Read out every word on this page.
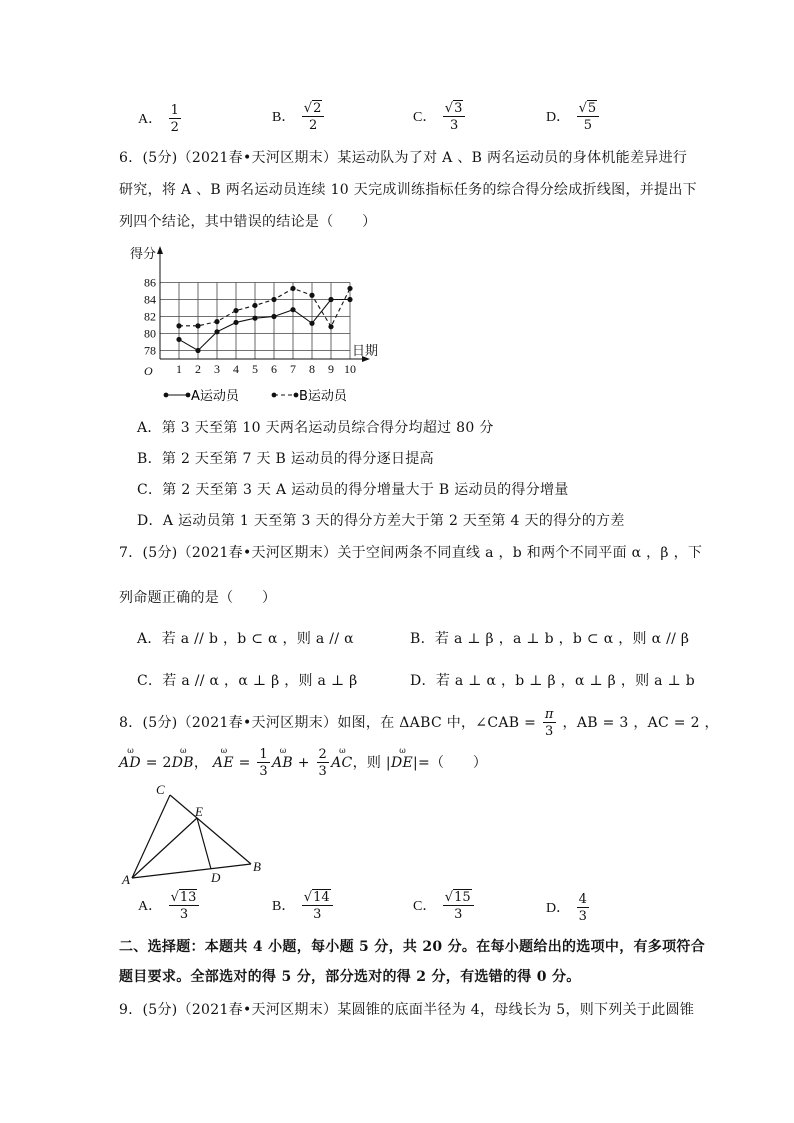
A． $\frac{1}{2}$	B． $\frac{√2}{2}$	C． $\frac{√3}{3}$	D． $\frac{√5}{5}$
6．(5分)（2021春•天河区期末）某运动队为了对 A 、B 两名运动员的身体机能差异进行
研究，将 A 、B 两名运动员连续 10 天完成训练指标任务的综合得分绘成折线图，并提出下
列四个结论，其中错误的结论是（　　）
78
80
82
84
86
1 2 3 4 5 6 7 8 9 10
得分
日期
O
A运动员	B运动员
A．第 3 天至第 10 天两名运动员综合得分均超过 80 分
B．第 2 天至第 7 天 B 运动员的得分逐日提高
C．第 2 天至第 3 天 A 运动员的得分增量大于 B 运动员的得分增量
D．A 运动员第 1 天至第 3 天的得分方差大于第 2 天至第 4 天的得分的方差
7．(5分)（2021春•天河区期末）关于空间两条不同直线 a ，b 和两个不同平面 α ，β ，下
列命题正确的是（　　）
A．若 a // b ，b ⊂ α ，则 a // α	B．若 a ⊥ β ，a ⊥ b ，b ⊂ α ，则 α // β
C．若 a // α ，α ⊥ β ，则 a ⊥ β	D．若 a ⊥ α ，b ⊥ β ，α ⊥ β ，则 a ⊥ b
8．(5分)（2021春•天河区期末）如图，在 ΔABC 中，∠CAB = $\frac{\pi}{3}$ ，AB = 3 ，AC = 2 ，
ω AD = 2ω DB， ω AE = $\frac{1}{3}$ ω AB + $\frac{2}{3}$ ω AC，则 |ω DE|=（　　）
C
E
A	D
B
A． $\frac{√13}{3}$	B． $\frac{√14}{3}$	C． $\frac{√15}{3}$	D． $\frac{4}{3}$
二、选择题：本题共 4 小题，每小题 5 分，共 20 分。在每小题给出的选项中，有多项符合
题目要求。全部选对的得 5 分，部分选对的得 2 分，有选错的得 0 分。
9．(5分)（2021春•天河区期末）某圆锥的底面半径为 4，母线长为 5，则下列关于此圆锥
